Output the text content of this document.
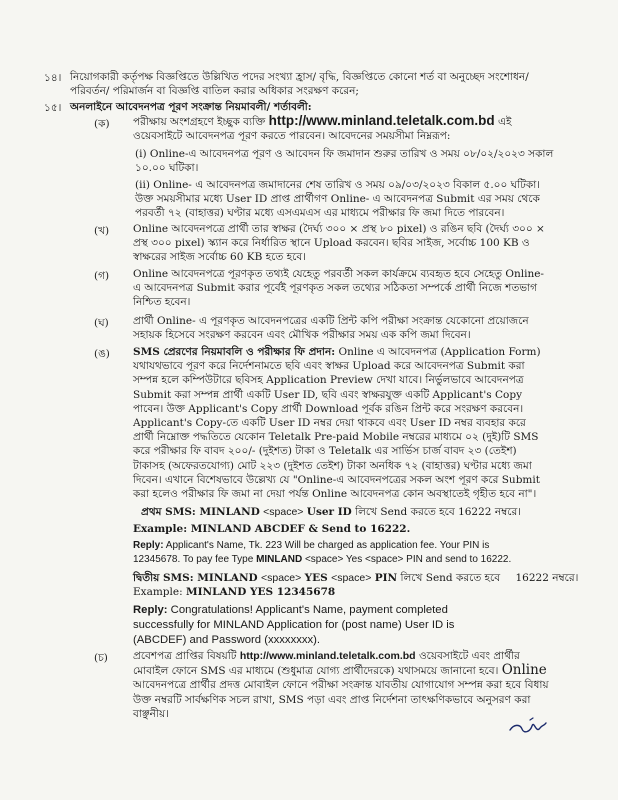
১৪। নিয়োগকারী কর্তৃপক্ষ বিজ্ঞপ্তিতে উল্লিখিত পদের সংখ্যা হ্রাস/ বৃদ্ধি, বিজ্ঞপ্তিতে কোনো শর্ত বা অনুচ্ছেদ সংশোধন/
পরিবর্তন/ পরিমার্জন বা বিজ্ঞপ্তি বাতিল করার অধিকার সংরক্ষণ করেন;
১৫। অনলাইনে আবেদনপত্র পূরণ সংক্রান্ত নিয়মাবলী/ শর্তাবলী:
(ক) পরীক্ষায় অংশগ্রহণে ইচ্ছুক ব্যক্তি http://www.minland.teletalk.com.bd এই
ওয়েবসাইটে আবেদনপত্র পূরণ করতে পারবেন। আবেদনের সময়সীমা নিম্নরূপ:
(i) Online-এ আবেদনপত্র পূরণ ও আবেদন ফি জমাদান শুরুর তারিখ ও সময় ০৮/০২/২০২৩ সকাল
১০.০০ ঘটিকা।
(ii) Online- এ আবেদনপত্র জমাদানের শেষ তারিখ ও সময় ০৯/০৩/২০২৩ বিকাল ৫.০০ ঘটিকা।
উক্ত সময়সীমার মধ্যে User ID প্রাপ্ত প্রার্থীগণ Online- এ আবেদনপত্র Submit এর সময় থেকে
পরবর্তী ৭২ (বাহাত্তর) ঘণ্টার মধ্যে এসএমএস এর মাধ্যমে পরীক্ষার ফি জমা দিতে পারবেন।
(খ) Online আবেদনপত্রে প্রার্থী তার স্বাক্ষর (দৈর্ঘ্য ৩০০ × প্রস্থ ৮০ pixel) ও রঙিন ছবি (দৈর্ঘ্য ৩০০ ×
প্রস্থ ৩০০ pixel) স্ক্যান করে নির্ধারিত স্থানে Upload করবেন। ছবির সাইজ, সর্বোচ্চ 100 KB ও
স্বাক্ষরের সাইজ সর্বোচ্চ 60 KB হতে হবে।
(গ) Online আবেদনপত্রে পূরণকৃত তথ্যই যেহেতু পরবর্তী সকল কার্যক্রমে ব্যবহৃত হবে সেহেতু Online-
এ আবেদনপত্র Submit করার পূর্বেই পূরণকৃত সকল তথ্যের সঠিকতা সম্পর্কে প্রার্থী নিজে শতভাগ
নিশ্চিত হবেন।
(ঘ) প্রার্থী Online- এ পূরণকৃত আবেদনপত্রের একটি প্রিন্ট কপি পরীক্ষা সংক্রান্ত যেকোনো প্রয়োজনে
সহায়ক হিসেবে সংরক্ষণ করবেন এবং মৌখিক পরীক্ষার সময় এক কপি জমা দিবেন।
(ঙ) SMS প্রেরণের নিয়মাবলি ও পরীক্ষার ফি প্রদান: Online এ আবেদনপত্র (Application Form)
যথাযথভাবে পূরণ করে নির্দেশনামতে ছবি এবং স্বাক্ষর Upload করে আবেদনপত্র Submit করা
সম্পন্ন হলে কম্পিউটারে ছবিসহ Application Preview দেখা যাবে। নির্ভুলভাবে আবেদনপত্র
Submit করা সম্পন্ন প্রার্থী একটি User ID, ছবি এবং স্বাক্ষরযুক্ত একটি Applicant's Copy
পাবেন। উক্ত Applicant's Copy প্রার্থী Download পূর্বক রঙিন প্রিন্ট করে সংরক্ষণ করবেন।
Applicant's Copy-তে একটি User ID নম্বর দেয়া থাকবে এবং User ID নম্বর ব্যবহার করে
প্রার্থী নিম্নোক্ত পদ্ধতিতে যেকোন Teletalk Pre-paid Mobile নম্বরের মাধ্যমে ০২ (দুই)টি SMS
করে পরীক্ষার ফি বাবদ ২০০/- (দুইশত) টাকা ও Teletalk এর সার্ভিস চার্জ বাবদ ২৩ (তেইশ)
টাকাসহ (অফেরতযোগ্য) মোট ২২৩ (দুইশত তেইশ) টাকা অনধিক ৭২ (বাহাত্তর) ঘণ্টার মধ্যে জমা
দিবেন। এখানে বিশেষভাবে উল্লেখ্য যে "Online-এ আবেদনপত্রের সকল অংশ পূরণ করে Submit
করা হলেও পরীক্ষার ফি জমা না দেয়া পর্যন্ত Online আবেদনপত্র কোন অবস্থাতেই গৃহীত হবে না"।
প্রথম SMS: MINLAND <space> User ID লিখে Send করতে হবে 16222 নম্বরে।
Example: MINLAND ABCDEF & Send to 16222.
Reply: Applicant's Name, Tk. 223 Will be charged as application fee. Your PIN is
12345678. To pay fee Type MINLAND <space> Yes <space> PIN and send to 16222.
দ্বিতীয় SMS: MINLAND <space> YES <space> PIN লিখে Send করতে হবে 16222 নম্বরে।
Example: MINLAND YES 12345678
Reply: Congratulations! Applicant's Name, payment completed
successfully for MINLAND Application for (post name) User ID is
(ABCDEF) and Password (xxxxxxxx).
(চ) প্রবেশপত্র প্রাপ্তির বিষয়টি http://www.minland.teletalk.com.bd ওয়েবসাইটে এবং প্রার্থীর
মোবাইল ফোনে SMS এর মাধ্যমে (শুধুমাত্র যোগ্য প্রার্থীদেরকে) যথাসময়ে জানানো হবে। Online
আবেদনপত্রে প্রার্থীর প্রদত্ত মোবাইল ফোনে পরীক্ষা সংক্রান্ত যাবতীয় যোগাযোগ সম্পন্ন করা হবে বিধায়
উক্ত নম্বরটি সার্বক্ষণিক সচল রাখা, SMS পড়া এবং প্রাপ্ত নির্দেশনা তাৎক্ষণিকভাবে অনুসরণ করা
বাঞ্ছনীয়।
